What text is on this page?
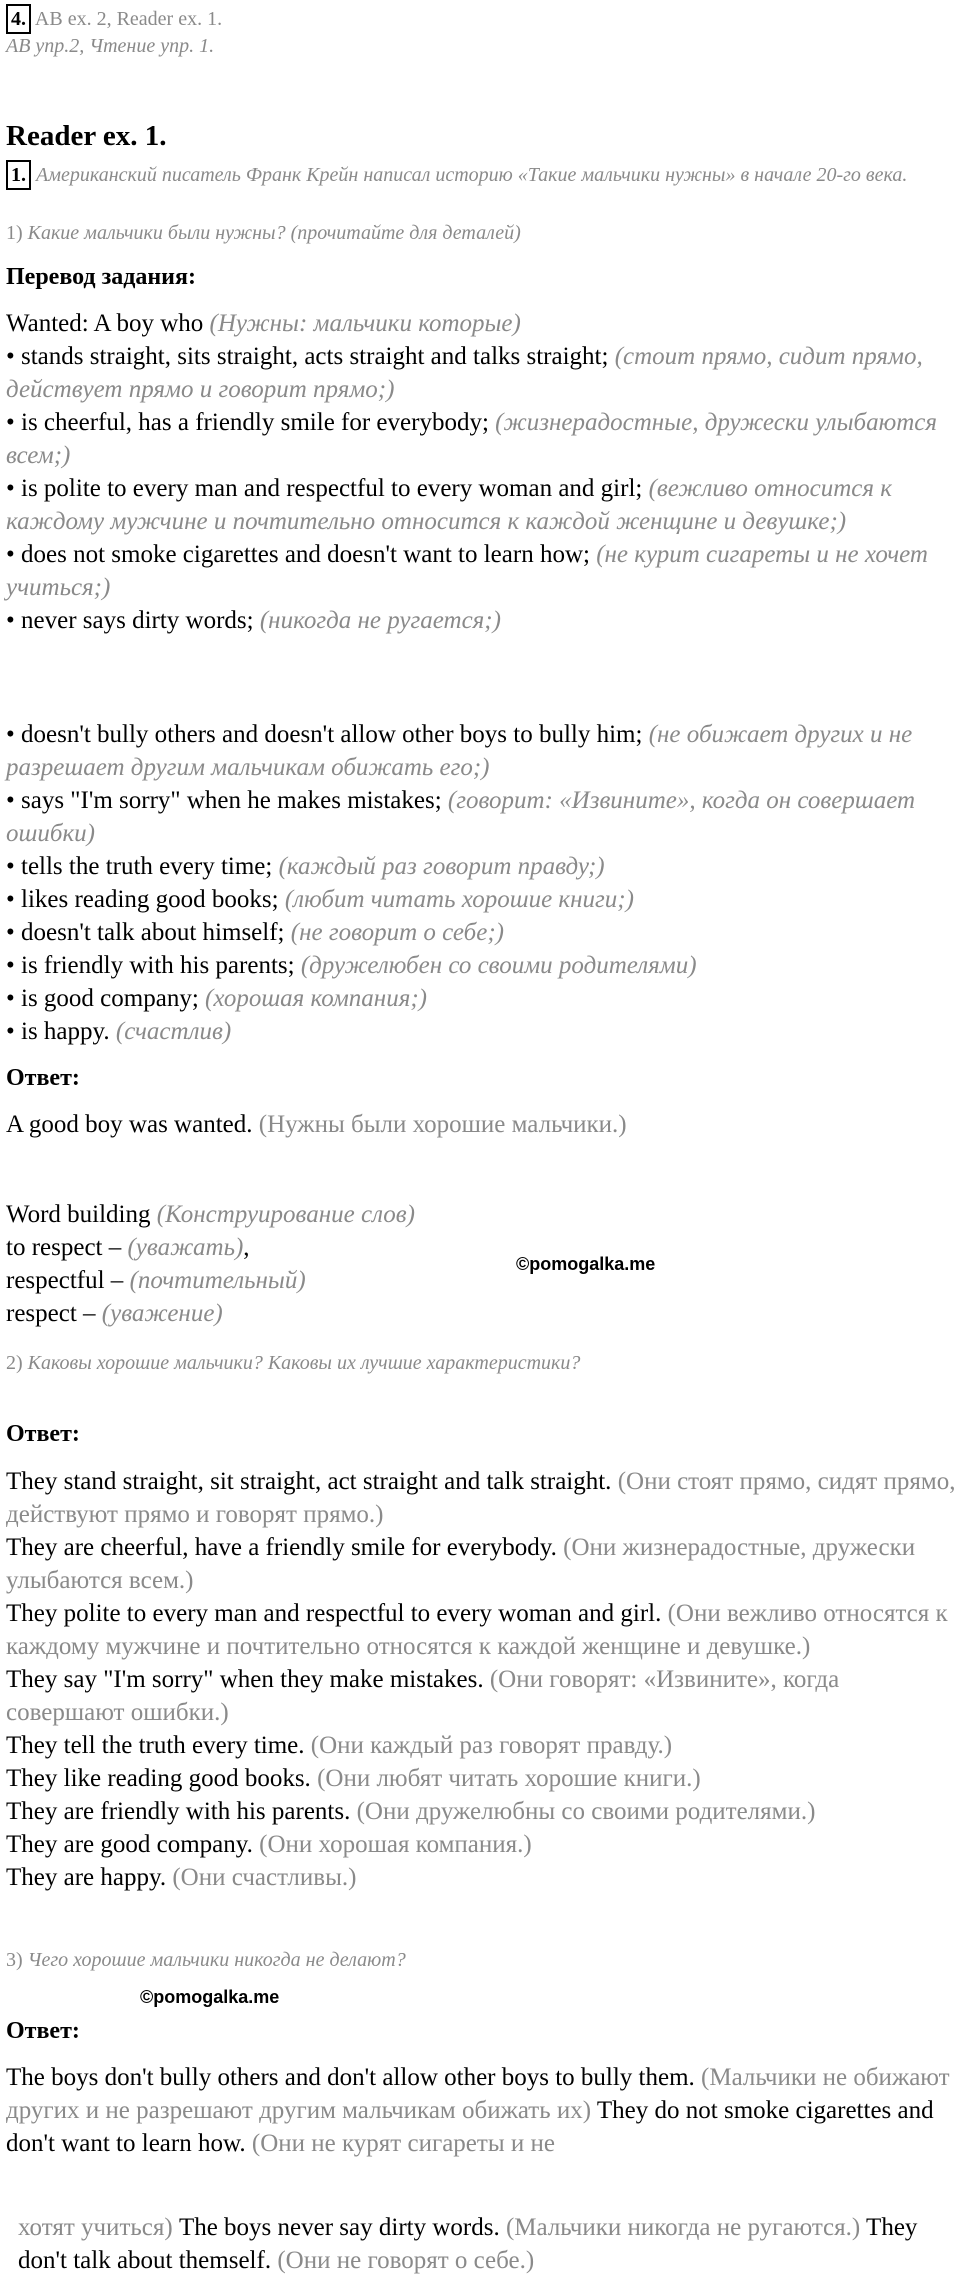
4. AB ex. 2, Reader ex. 1.
АВ упр.2, Чтение упр. 1.
Reader ex. 1.
1. Американский писатель Франк Крейн написал историю «Такие мальчики нужны» в начале 20-го века.
1) Какие мальчики были нужны? (прочитайте для деталей)
Перевод задания:
Wanted: A boy who (Нужны: мальчики которые)
• stands straight, sits straight, acts straight and talks straight; (стоит прямо, сидит прямо, действует прямо и говорит прямо;)
• is cheerful, has a friendly smile for everybody; (жизнерадостные, дружески улыбаются всем;)
• is polite to every man and respectful to every woman and girl; (вежливо относится к каждому мужчине и почтительно относится к каждой женщине и девушке;)
• does not smoke cigarettes and doesn't want to learn how; (не курит сигареты и не хочет учиться;)
• never says dirty words; (никогда не ругается;)
• doesn't bully others and doesn't allow other boys to bully him; (не обижает других и не разрешает другим мальчикам обижать его;)
• says "I'm sorry" when he makes mistakes; (говорит: «Извините», когда он совершает ошибки)
• tells the truth every time; (каждый раз говорит правду;)
• likes reading good books; (любит читать хорошие книги;)
• doesn't talk about himself; (не говорит о себе;)
• is friendly with his parents; (дружелюбен со своими родителями)
• is good company; (хорошая компания;)
• is happy. (счастлив)
Ответ:
A good boy was wanted. (Нужны были хорошие мальчики.)
Word building (Конструирование слов)
to respect – (уважать),
respectful – (почтительный)
respect – (уважение)
©pomogalka.me
2) Каковы хорошие мальчики? Каковы их лучшие характеристики?
Ответ:
They stand straight, sit straight, act straight and talk straight. (Они стоят прямо, сидят прямо, действуют прямо и говорят прямо.)
They are cheerful, have a friendly smile for everybody. (Они жизнерадостные, дружески улыбаются всем.)
They polite to every man and respectful to every woman and girl. (Они вежливо относятся к каждому мужчине и почтительно относятся к каждой женщине и девушке.)
They say "I'm sorry" when they make mistakes. (Они говорят: «Извините», когда совершают ошибки.)
They tell the truth every time. (Они каждый раз говорят правду.)
They like reading good books. (Они любят читать хорошие книги.)
They are friendly with his parents. (Они дружелюбны со своими родителями.)
They are good company. (Они хорошая компания.)
They are happy. (Они счастливы.)
3) Чего хорошие мальчики никогда не делают?
©pomogalka.me
Ответ:
The boys don't bully others and don't allow other boys to bully them. (Мальчики не обижают других и не разрешают другим мальчикам обижать их) They do not smoke cigarettes and don't want to learn how. (Они не курят сигареты и не
хотят учиться) The boys never say dirty words. (Мальчики никогда не ругаются.) They don't talk about themself. (Они не говорят о себе.)
